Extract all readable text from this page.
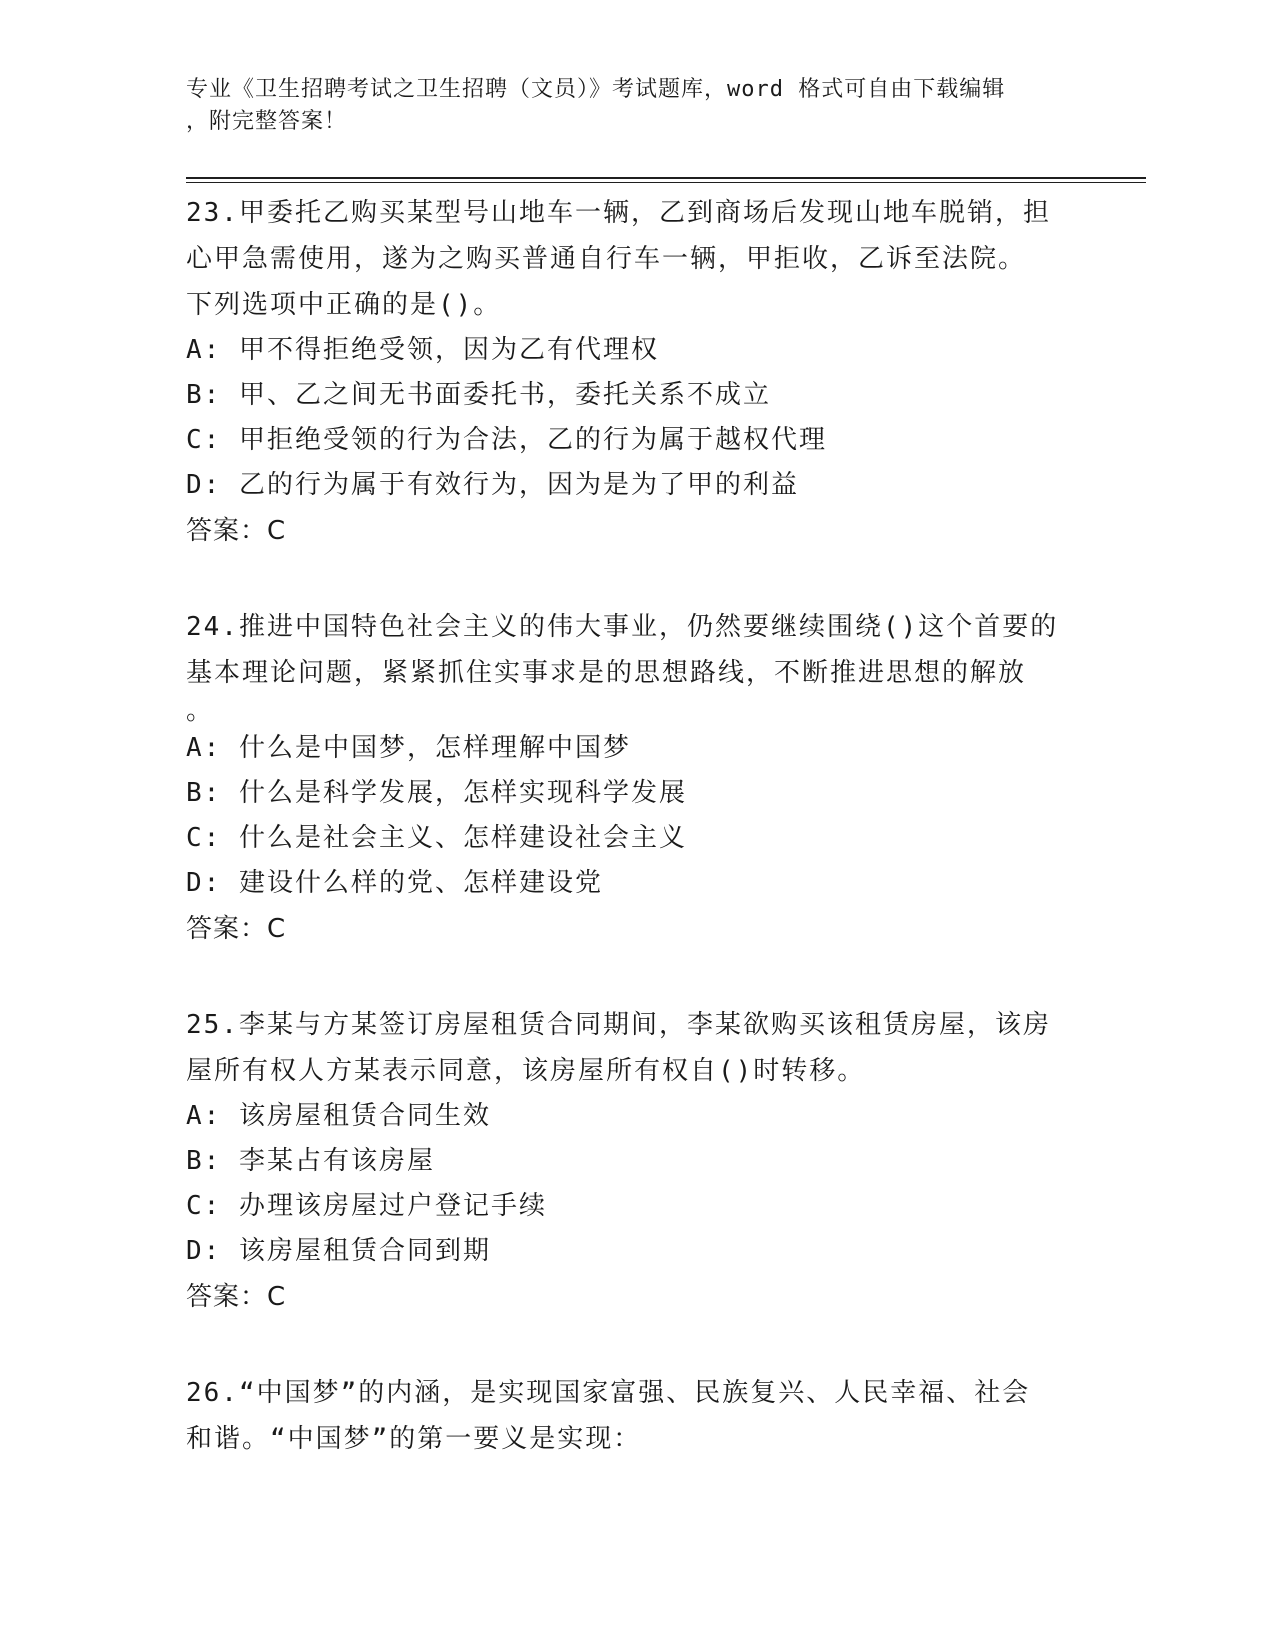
专业《卫生招聘考试之卫生招聘（文员）》考试题库，word 格式可自由下载编辑
，附完整答案！
23.甲委托乙购买某型号山地车一辆，乙到商场后发现山地车脱销，担
心甲急需使用，遂为之购买普通自行车一辆，甲拒收，乙诉至法院。
下列选项中正确的是()。
A: 甲不得拒绝受领，因为乙有代理权
B: 甲、乙之间无书面委托书，委托关系不成立
C: 甲拒绝受领的行为合法，乙的行为属于越权代理
D: 乙的行为属于有效行为，因为是为了甲的利益
答案：C
24.推进中国特色社会主义的伟大事业，仍然要继续围绕()这个首要的
基本理论问题，紧紧抓住实事求是的思想路线，不断推进思想的解放
。
A: 什么是中国梦，怎样理解中国梦
B: 什么是科学发展，怎样实现科学发展
C: 什么是社会主义、怎样建设社会主义
D: 建设什么样的党、怎样建设党
答案：C
25.李某与方某签订房屋租赁合同期间，李某欲购买该租赁房屋，该房
屋所有权人方某表示同意，该房屋所有权自()时转移。
A: 该房屋租赁合同生效
B: 李某占有该房屋
C: 办理该房屋过户登记手续
D: 该房屋租赁合同到期
答案：C
26.“中国梦”的内涵，是实现国家富强、民族复兴、人民幸福、社会
和谐。“中国梦”的第一要义是实现：
